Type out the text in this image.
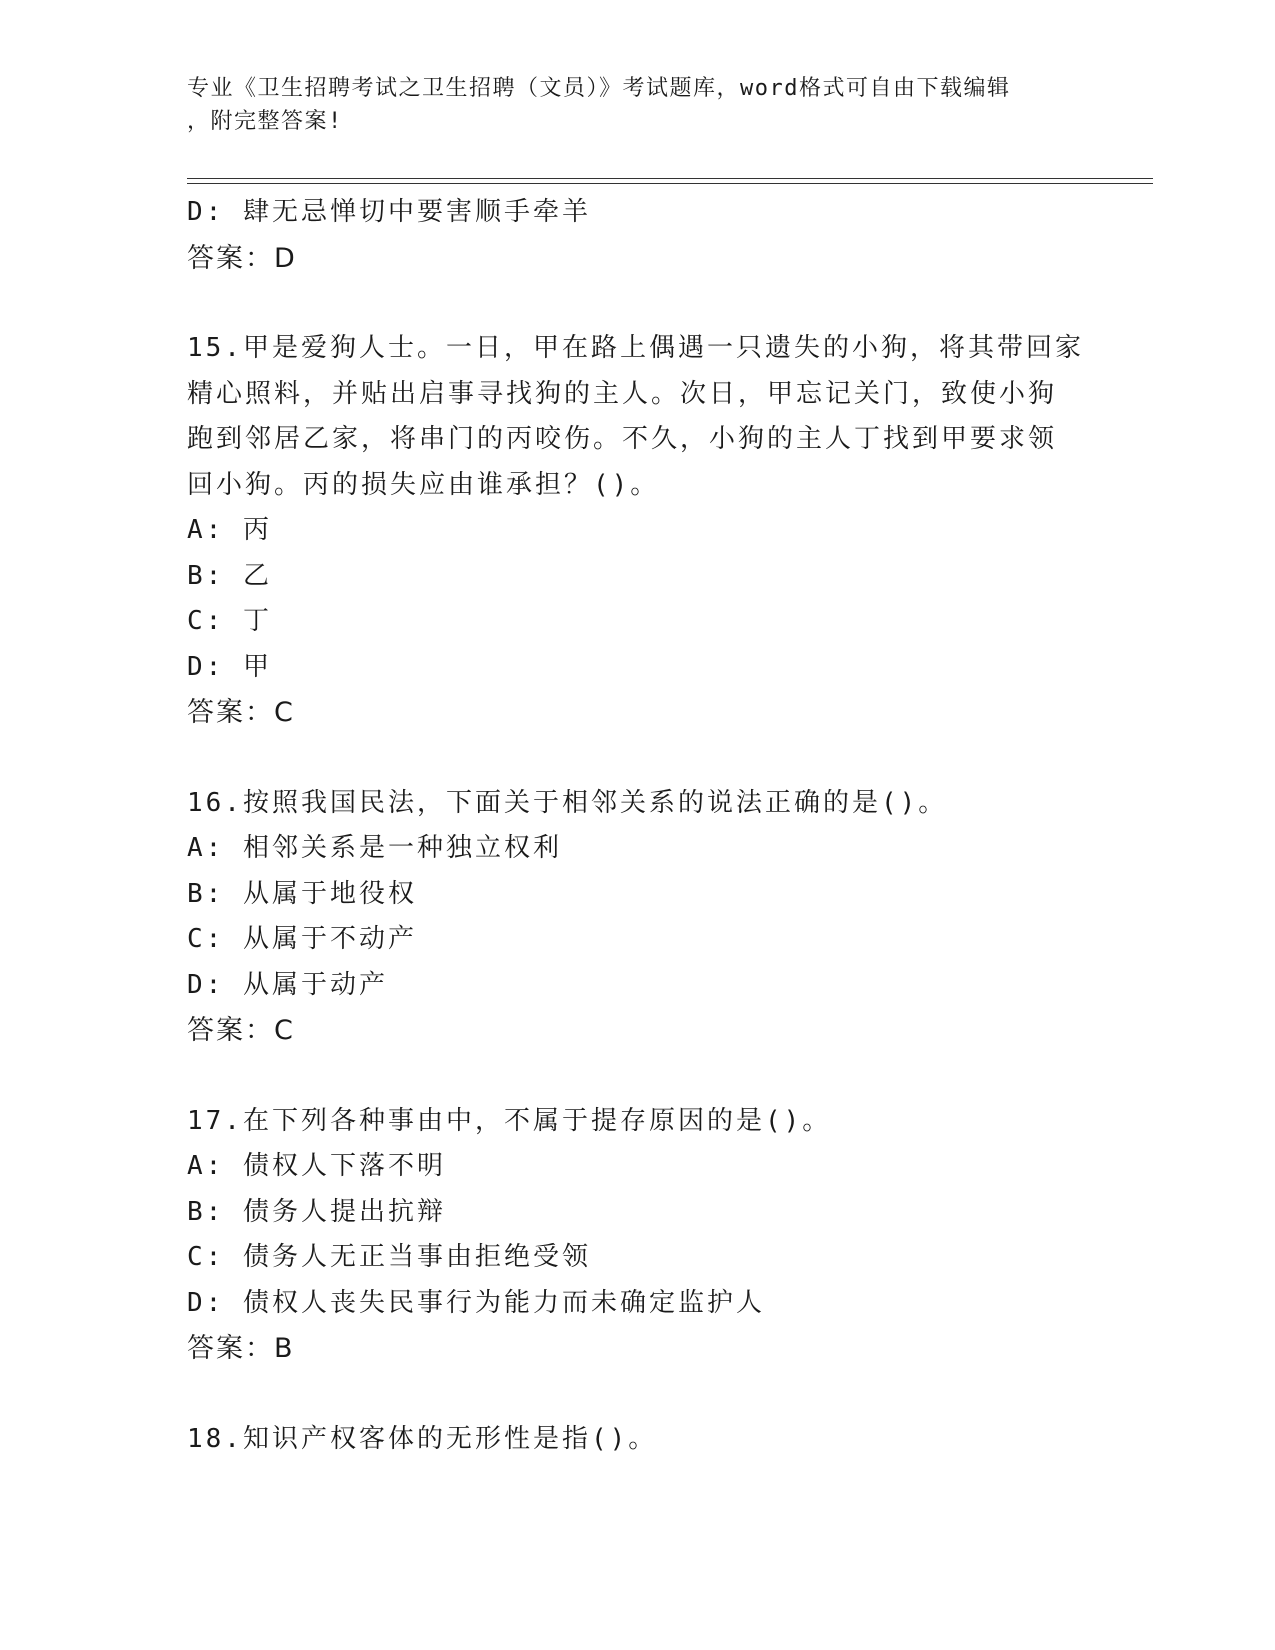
专业《卫生招聘考试之卫生招聘（文员）》考试题库，word格式可自由下载编辑
，附完整答案!
D: 肆无忌惮切中要害顺手牵羊
答案：D
15.甲是爱狗人士。一日，甲在路上偶遇一只遗失的小狗，将其带回家
精心照料，并贴出启事寻找狗的主人。次日，甲忘记关门，致使小狗
跑到邻居乙家，将串门的丙咬伤。不久，小狗的主人丁找到甲要求领
回小狗。丙的损失应由谁承担？()。
A: 丙
B: 乙
C: 丁
D: 甲
答案：C
16.按照我国民法，下面关于相邻关系的说法正确的是()。
A: 相邻关系是一种独立权利
B: 从属于地役权
C: 从属于不动产
D: 从属于动产
答案：C
17.在下列各种事由中，不属于提存原因的是()。
A: 债权人下落不明
B: 债务人提出抗辩
C: 债务人无正当事由拒绝受领
D: 债权人丧失民事行为能力而未确定监护人
答案：B
18.知识产权客体的无形性是指()。
